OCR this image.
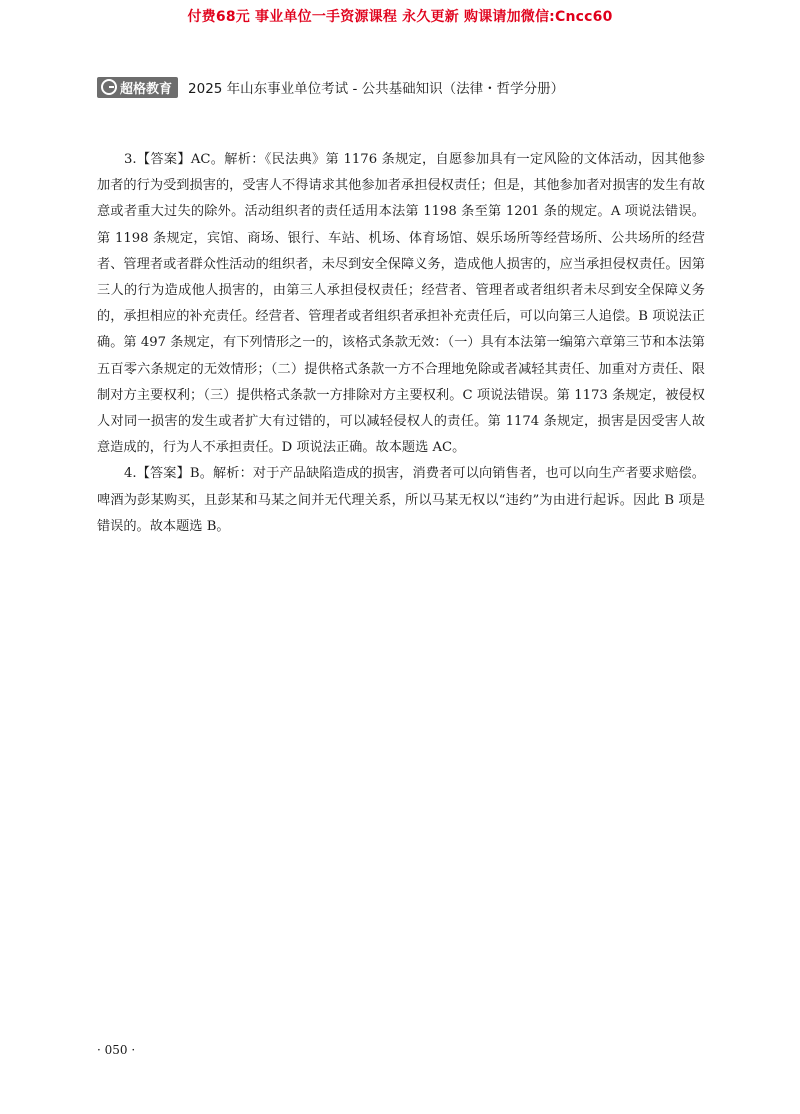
付费68元 事业单位一手资源课程 永久更新 购课请加微信:Cncc60
超格教育 2025 年山东事业单位考试 - 公共基础知识（法律・哲学分册）

3.【答案】AC。解析：《民法典》第 1176 条规定，自愿参加具有一定风险的文体活动，因其他参加者的行为受到损害的，受害人不得请求其他参加者承担侵权责任；但是，其他参加者对损害的发生有故意或者重大过失的除外。活动组织者的责任适用本法第 1198 条至第 1201 条的规定。A 项说法错误。第 1198 条规定，宾馆、商场、银行、车站、机场、体育场馆、娱乐场所等经营场所、公共场所的经营者、管理者或者群众性活动的组织者，未尽到安全保障义务，造成他人损害的，应当承担侵权责任。因第三人的行为造成他人损害的，由第三人承担侵权责任；经营者、管理者或者组织者未尽到安全保障义务的，承担相应的补充责任。经营者、管理者或者组织者承担补充责任后，可以向第三人追偿。B 项说法正确。第 497 条规定，有下列情形之一的，该格式条款无效：（一）具有本法第一编第六章第三节和本法第五百零六条规定的无效情形；（二）提供格式条款一方不合理地免除或者减轻其责任、加重对方责任、限制对方主要权利；（三）提供格式条款一方排除对方主要权利。C 项说法错误。第 1173 条规定，被侵权人对同一损害的发生或者扩大有过错的，可以减轻侵权人的责任。第 1174 条规定，损害是因受害人故意造成的，行为人不承担责任。D 项说法正确。故本题选 AC。

4.【答案】B。解析：对于产品缺陷造成的损害，消费者可以向销售者，也可以向生产者要求赔偿。啤酒为彭某购买，且彭某和马某之间并无代理关系，所以马某无权以“违约”为由进行起诉。因此 B 项是错误的。故本题选 B。

· 050 ·
